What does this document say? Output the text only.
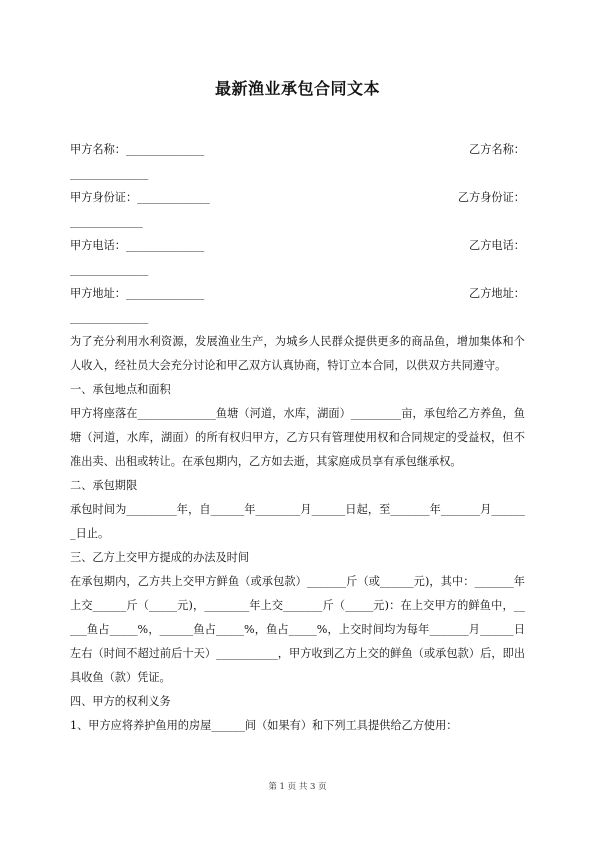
最新渔业承包合同文本
甲方名称：______________	乙方名称：
______________
甲方身份证：_____________	乙方身份证：
_____________
甲方电话：______________	乙方电话：
______________
甲方地址：______________	乙方地址：
______________

为了充分利用水利资源，发展渔业生产，为城乡人民群众提供更多的商品鱼，增加集体和个人收入，经社员大会充分讨论和甲乙双方认真协商，特订立本合同，以供双方共同遵守。

一、承包地点和面积

甲方将座落在______________鱼塘（河道，水库，湖面）_________亩，承包给乙方养鱼，鱼塘（河道，水库，湖面）的所有权归甲方，乙方只有管理使用权和合同规定的受益权，但不准出卖、出租或转让。在承包期内，乙方如去逝，其家庭成员享有承包继承权。

二、承包期限

承包时间为_________年，自______年________月______日起，至_______年_______月_______日止。

三、乙方上交甲方提成的办法及时间

在承包期内，乙方共上交甲方鲜鱼（或承包款）_______斤（或______元)，其中：_______年上交______斤（_____元)，________年上交_______斤（_____元)：在上交甲方的鲜鱼中，_____鱼占_____%，______鱼占_____%，鱼占_____%，上交时间均为每年_______月______日左右（时间不超过前后十天）___________，甲方收到乙方上交的鲜鱼（或承包款）后，即出具收鱼（款）凭证。

四、甲方的权利义务

1、甲方应将养护鱼用的房屋______间（如果有）和下列工具提供给乙方使用：

第 1 页 共 3 页
